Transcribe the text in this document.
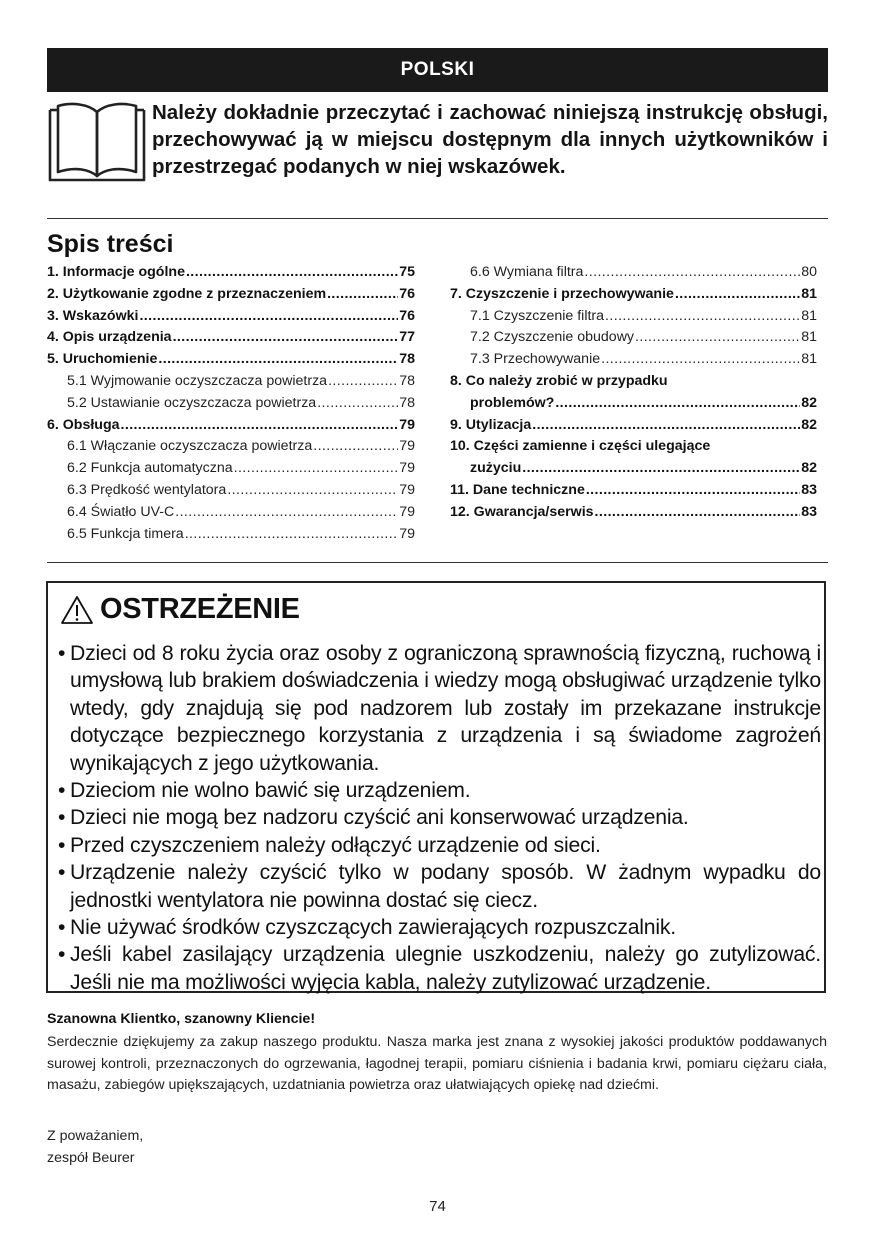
POLSKI
Należy dokładnie przeczytać i zachować niniejszą instrukcję obsługi, przechowywać ją w miejscu dostępnym dla innych użytkowników i przestrzegać podanych w niej wskazówek.
Spis treści
1. Informacje ogólne .....	75
2. Użytkowanie zgodne z przeznaczeniem .....	76
3. Wskazówki .....	76
4. Opis urządzenia .....	77
5. Uruchomienie .....	78
5.1 Wyjmowanie oczyszczacza powietrza .....	78
5.2 Ustawianie oczyszczacza powietrza .....	78
6. Obsługa .....	79
6.1 Włączanie oczyszczacza powietrza .....	79
6.2 Funkcja automatyczna .....	79
6.3 Prędkość wentylatora .....	79
6.4 Światło UV-C .....	79
6.5 Funkcja timera .....	79
6.6 Wymiana filtra .....	80
7. Czyszczenie i przechowywanie .....	81
7.1 Czyszczenie filtra .....	81
7.2 Czyszczenie obudowy .....	81
7.3 Przechowywanie .....	81
8. Co należy zrobić w przypadku
problemów? .....	82
9. Utylizacja .....	82
10. Części zamienne i części ulegające
zużyciu .....	82
11. Dane techniczne .....	83
12. Gwarancja/serwis .....	83
OSTRZEŻENIE
• Dzieci od 8 roku życia oraz osoby z ograniczoną sprawnością fizyczną, ruchową i umysłową lub brakiem doświadczenia i wiedzy mogą obsługiwać urządzenie tylko wtedy, gdy znajdują się pod nadzorem lub zostały im przekazane instrukcje dotyczące bezpiecznego korzystania z urządzenia i są świadome zagrożeń wynikających z jego użytkowania.
• Dzieciom nie wolno bawić się urządzeniem.
• Dzieci nie mogą bez nadzoru czyścić ani konserwować urządzenia.
• Przed czyszczeniem należy odłączyć urządzenie od sieci.
• Urządzenie należy czyścić tylko w podany sposób. W żadnym wypadku do jednostki wentylatora nie powinna dostać się ciecz.
• Nie używać środków czyszczących zawierających rozpuszczalnik.
• Jeśli kabel zasilający urządzenia ulegnie uszkodzeniu, należy go zutylizować. Jeśli nie ma możliwości wyjęcia kabla, należy zutylizować urządzenie.
Szanowna Klientko, szanowny Kliencie!
Serdecznie dziękujemy za zakup naszego produktu. Nasza marka jest znana z wysokiej jakości produktów poddawanych surowej kontroli, przeznaczonych do ogrzewania, łagodnej terapii, pomiaru ciśnienia i badania krwi, pomiaru ciężaru ciała, masażu, zabiegów upiększających, uzdatniania powietrza oraz ułatwiających opiekę nad dziećmi.
Z poważaniem,
zespół Beurer
74
